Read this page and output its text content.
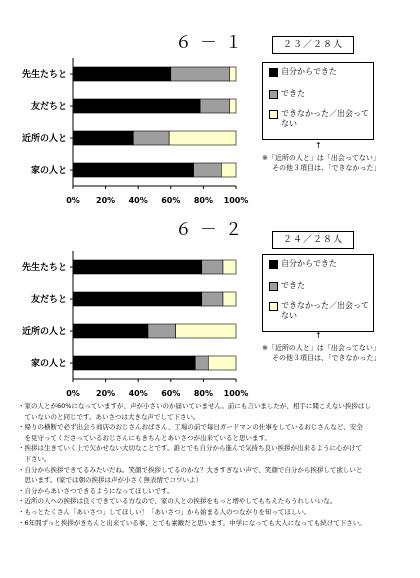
６－１	２３／２８人
先生たちと
友だちと
近所の人と
家の人と
0% 20% 40% 60% 80% 100%
自分からできた
できた
できなかった／出会って
ない
↑
※「近所の人と」は「出会ってない」
その他３項目は、「できなかった」
６－２	２４／２８人
先生たちと
友だちと
近所の人と
家の人と
0% 20% 40% 60% 80% 100%
自分からできた
できた
できなかった／出会って
ない
↑
※「近所の人と」は「出会ってない」
その他３項目は、「できなかった」
・家の人とが60%になっていますが、声が小さいのか届いていません。前にも言いましたが、相手に聞こえない挨拶はし
　ていないのと同じです。あいさつは大きな声でして下さい。
・帰りの横断で必ず出会う商店のおじさんおばさん、工場の前で毎日ガードマンの仕事をしているおじさんなど、安全
　を見守ってくださっているおじさんにもきちんとあいさつが出来ていると思います。
・挨拶は生きていく上で欠かせない大切なことです。誰とでも自分から進んで気持ち良い挨拶が出来るように心がけて
　下さい。
・自分から挨拶できてるみたいだね。笑顔で挨拶してるのかな？大きすぎない声で、笑顔で自分から挨拶して欲しいと
　思います。(家では朝の挨拶は声が小さく無表情でコワいよ）
・自分からあいさつできるようになってほしいです。
・近所の人への挨拶は良くできている方なので、家の人との挨拶をもっと増やしてもちえたらうれしいいな。
・もっとたくさん「あいさつ」してほしい！「あいさつ」から始まる人のつながりを知ってほしい。
・6年間ずっと挨拶がきちんと出来ている事、とても素敵だと思います。中学になっても大人になっても続けて下さい。
